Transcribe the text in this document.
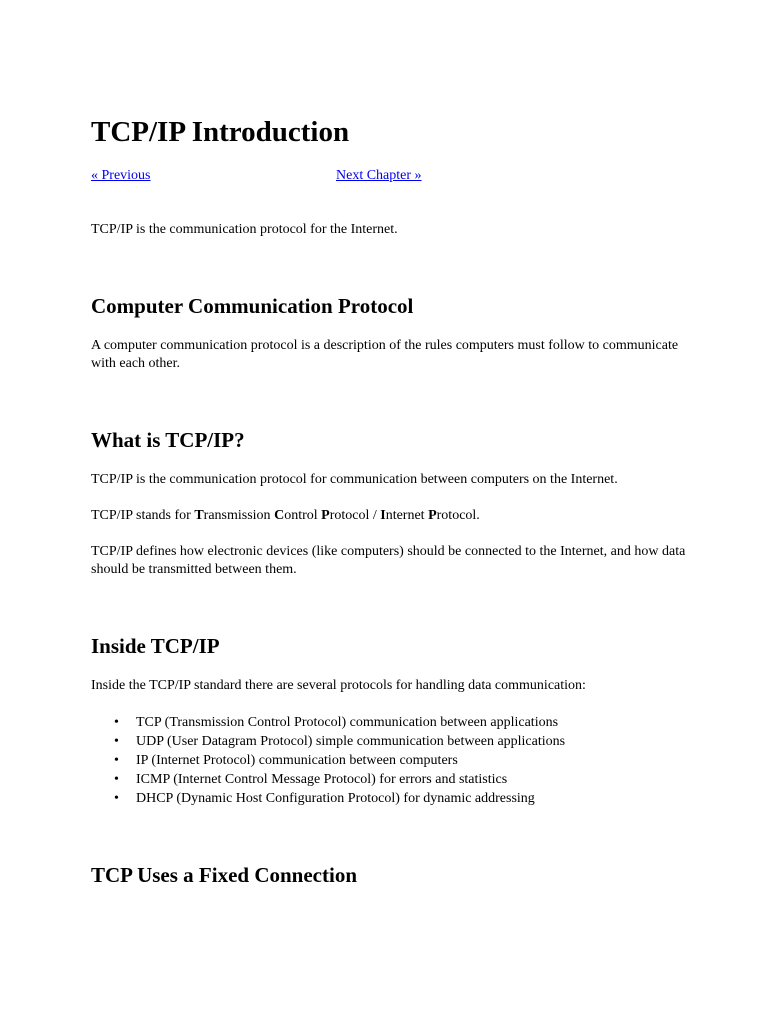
TCP/IP Introduction
« Previous	Next Chapter »

TCP/IP is the communication protocol for the Internet.

Computer Communication Protocol

A computer communication protocol is a description of the rules computers must follow to communicate with each other.

What is TCP/IP?

TCP/IP is the communication protocol for communication between computers on the Internet.

TCP/IP stands for Transmission Control Protocol / Internet Protocol.

TCP/IP defines how electronic devices (like computers) should be connected to the Internet, and how data should be transmitted between them.

Inside TCP/IP

Inside the TCP/IP standard there are several protocols for handling data communication:

• TCP (Transmission Control Protocol) communication between applications
• UDP (User Datagram Protocol) simple communication between applications
• IP (Internet Protocol) communication between computers
• ICMP (Internet Control Message Protocol) for errors and statistics
• DHCP (Dynamic Host Configuration Protocol) for dynamic addressing
TCP Uses a Fixed Connection
